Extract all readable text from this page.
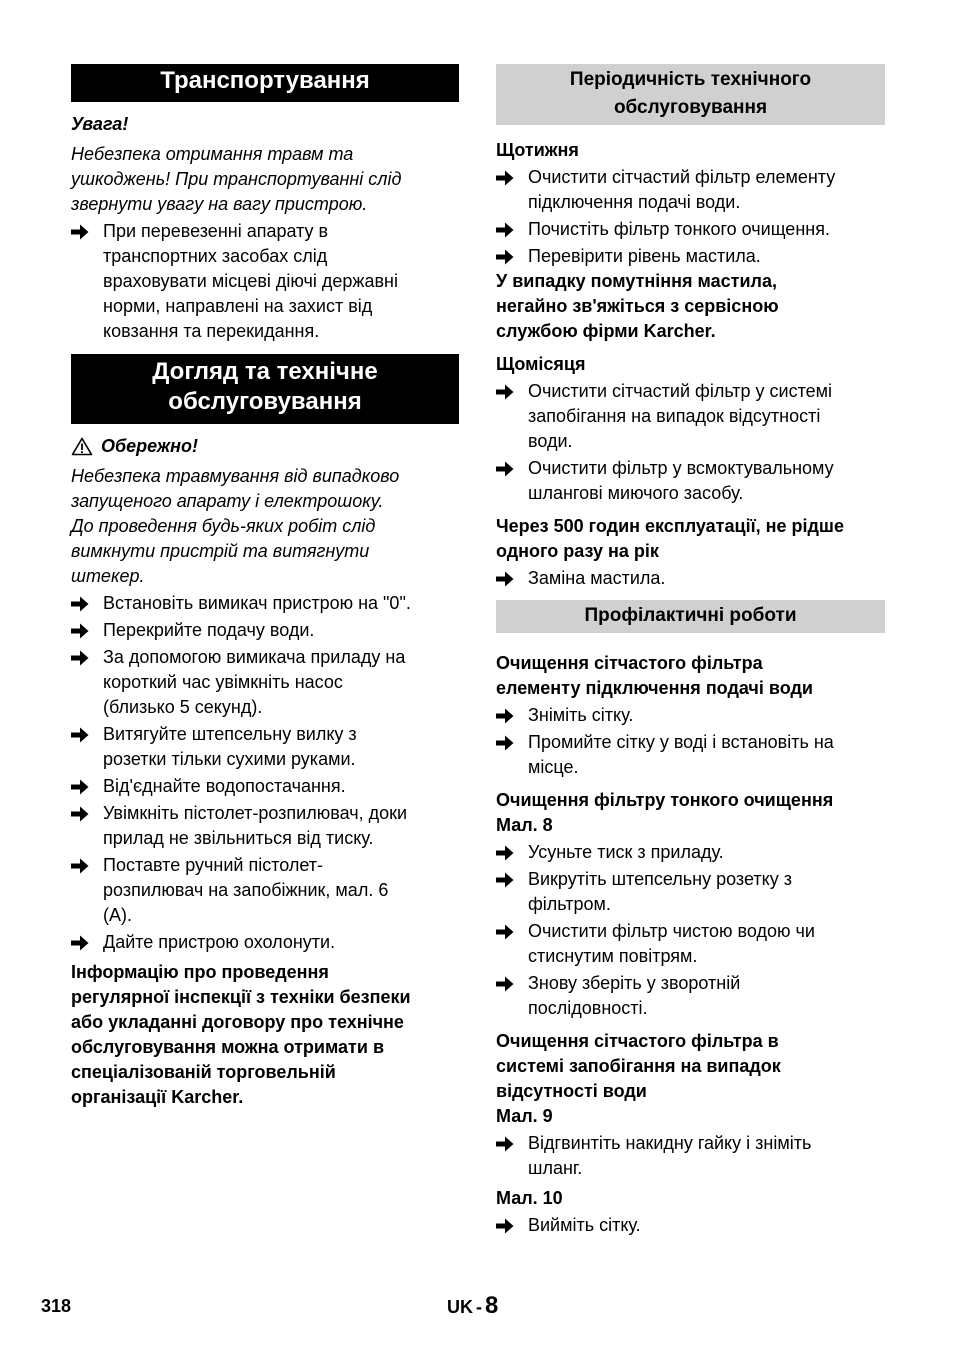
Транспортування

Увага!

Небезпека отримання травм та

ушкоджень! При транспортуванні слід

звернути увагу на вагу пристрою.

При перевезенні апарату в

транспортних засобах слід

враховувати місцеві діючі державні

норми, направлені на захист від

ковзання та перекидання.

Догляд та технічне
обслуговування

Обережно!

Небезпека травмування від випадково

запущеного апарату і електрошоку.

До проведення будь-яких робіт слід

вимкнути пристрій та витягнути

штекер.

Встановіть вимикач пристрою на "0".

Перекрийте подачу води.

За допомогою вимикача приладу на

короткий час увімкніть насос

(близько 5 секунд).

Витягуйте штепсельну вилку з

розетки тільки сухими руками.

Від'єднайте водопостачання.

Увімкніть пістолет-розпилювач, доки

прилад не звільниться від тиску.

Поставте ручний пістолет-

розпилювач на запобіжник, мал. 6

(А).

Дайте пристрою охолонути.

Інформацію про проведення

регулярної інспекції з техніки безпеки

або укладанні договору про технічне

обслуговування можна отримати в

спеціалізованій торговельній

організації Karcher.

Періодичність технічного
обслуговування

Щотижня

Очистити сітчастий фільтр елементу

підключення подачі води.

Почистіть фільтр тонкого очищення.

Перевірити рівень мастила.

У випадку помутніння мастила,

негайно зв'яжіться з сервісною

службою фірми Karcher.

Щомісяця

Очистити сітчастий фільтр у системі

запобігання на випадок відсутності

води.

Очистити фільтр у всмоктувальному

шлангові миючого засобу.

Через 500 годин експлуатації, не рідше

одного разу на рік

Заміна мастила.

Профілактичні роботи

Очищення сітчастого фільтра

елементу підключення подачі води

Зніміть сітку.

Промийте сітку у воді і встановіть на

місце.

Очищення фільтру тонкого очищення

Мал. 8

Усуньте тиск з приладу.

Викрутіть штепсельну розетку з

фільтром.

Очистити фільтр чистою водою чи

стиснутим повітрям.

Знову зберіть у зворотній

послідовності.

Очищення сітчастого фільтра в

системі запобігання на випадок

відсутності води

Мал. 9

Відгвинтіть накидну гайку і зніміть

шланг.

Мал. 10

Вийміть сітку.

318	UK - 8
